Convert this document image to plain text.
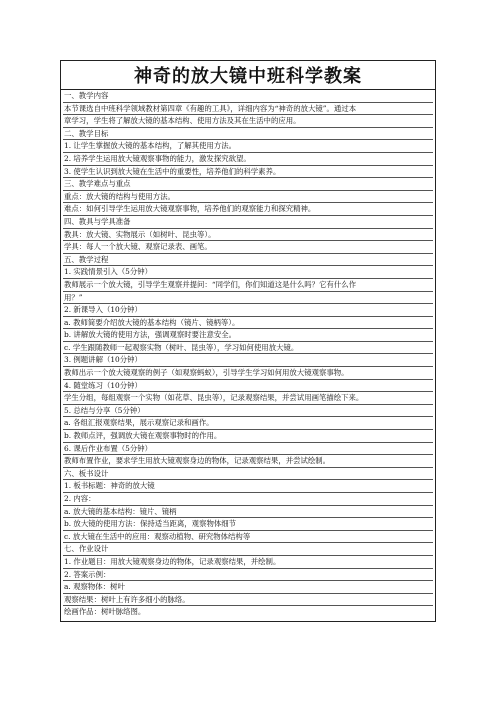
神奇的放大镜中班科学教案
一、教学内容
本节课选自中班科学领域教材第四章《有趣的工具》，详细内容为“神奇的放大镜”。通过本
章学习，学生将了解放大镜的基本结构、使用方法及其在生活中的应用。
二、教学目标
1. 让学生掌握放大镜的基本结构，了解其使用方法。
2. 培养学生运用放大镜观察事物的能力，激发探究欲望。
3. 使学生认识到放大镜在生活中的重要性，培养他们的科学素养。
三、教学难点与重点
重点：放大镜的结构与使用方法。
难点：如何引导学生运用放大镜观察事物，培养他们的观察能力和探究精神。
四、教具与学具准备
教具：放大镜、实物展示（如树叶、昆虫等）。
学具：每人一个放大镜、观察记录表、画笔。
五、教学过程
1. 实践情景引入（5分钟）
教师展示一个放大镜，引导学生观察并提问：“同学们，你们知道这是什么吗？它有什么作
用？”
2. 新课导入（10分钟）
a. 教师简要介绍放大镜的基本结构（镜片、镜柄等）。
b. 讲解放大镜的使用方法，强调观察时要注意安全。
c. 学生跟随教师一起观察实物（树叶、昆虫等），学习如何使用放大镜。
3. 例题讲解（10分钟）
教师出示一个放大镜观察的例子（如观察蚂蚁），引导学生学习如何用放大镜观察事物。
4. 随堂练习（10分钟）
学生分组，每组观察一个实物（如花草、昆虫等），记录观察结果，并尝试用画笔描绘下来。
5. 总结与分享（5分钟）
a. 各组汇报观察结果，展示观察记录和画作。
b. 教师点评，强调放大镜在观察事物时的作用。
6. 课后作业布置（5分钟）
教师布置作业，要求学生用放大镜观察身边的物体，记录观察结果，并尝试绘制。
六、板书设计
1. 板书标题：神奇的放大镜
2. 内容：
a. 放大镜的基本结构：镜片、镜柄
b. 放大镜的使用方法：保持适当距离，观察物体细节
c. 放大镜在生活中的应用：观察动植物、研究物体结构等
七、作业设计
1. 作业题目：用放大镜观察身边的物体，记录观察结果，并绘制。
2. 答案示例：
a. 观察物体：树叶
观察结果：树叶上有许多细小的脉络。
绘画作品：树叶脉络图。
